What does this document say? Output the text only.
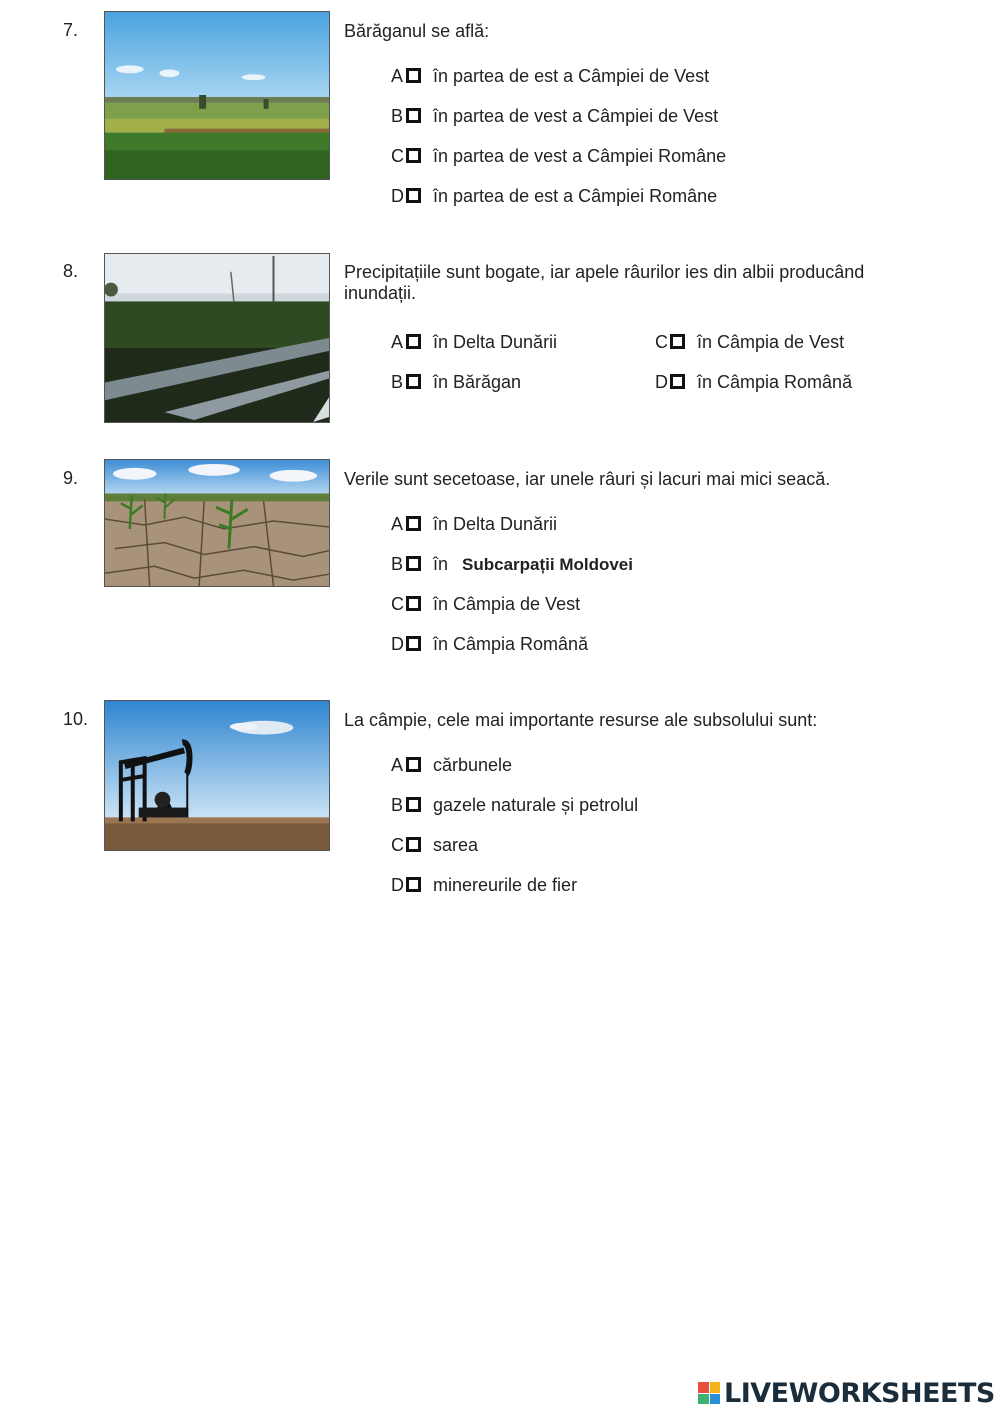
7.	Bărăganul se află:
A în partea de est a Câmpiei de Vest
B în partea de vest a Câmpiei de Vest
C în partea de vest a Câmpiei Române
D în partea de est a Câmpiei Române
8.	Precipitațiile sunt bogate, iar apele râurilor ies din albii producând inundații.
A în Delta Dunării
B în Bărăgan
C în Câmpia de Vest
D în Câmpia Română
9.	Verile sunt secetoase, iar unele râuri și lacuri mai mici seacă.
A în Delta Dunării
B în Subcarpații Moldovei
C în Câmpia de Vest
D în Câmpia Română
10.	La câmpie, cele mai importante resurse ale subsolului sunt:
A cărbunele
B gazele naturale și petrolul
C sarea
D minereurile de fier
LIVEWORKSHEETS
